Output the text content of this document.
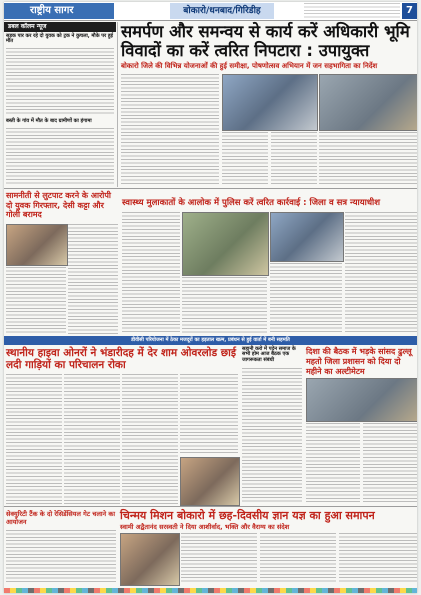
राष्ट्रीय सागर	बोकारो/धनबाद/गिरिडीह	7
डबल कॉलम न्यूज
सड़क पार कर रहे दो युवक को ट्रक ने कुचला, मौके पर हुई मौत
बस्ती के गांव में मौत के बाद ग्रामीणों का हंगामा
समर्पण और समन्वय से कार्य करें अधिकारी भूमि विवादों का करें त्वरित निपटारा : उपायुक्त
बोकारो जिले की विभिन्न योजनाओं की हुई समीक्षा, पोषणोत्सव अभियान में जन सहभागिता का निर्देश
सामनीती से लुटपाट करने के आरोपी दो युवक गिरफ्तार, देसी कट्टा और गोली बरामद
स्वास्थ्य मुलाकातों के आलोक में पुलिस करें त्वरित कार्रवाई : जिला व सत्र न्यायाधीश
डीवीसी परियोजना में ठेका मजदूरों का हड़ताल खत्म, प्रबंधन से हुई वार्ता में बनी सहमति
स्थानीय हाइवा ओनरों ने भंडारीदह में देर शाम ओवरलोड छाई लदी गाड़ियों का परिचालन रोका
सहानी करो में पदेन समाज के सभी होम आज बैठक एक जागरूकता संबंधी
दिशा की बैठक में भड़के सांसद ढुल्लू महतो जिला प्रशासन को दिया दो महीने का अल्टीमेटम
सेक्युरिटी टैंक के दो रेसिडेंसियल गेट चलाने का आयोजन	चिन्मय मिशन बोकारो में छह-दिवसीय ज्ञान यज्ञ का हुआ समापन
स्वामी अद्वैतानंद सरस्वती ने दिया आशीर्वाद, भक्ति और वैराग्य का संदेश
